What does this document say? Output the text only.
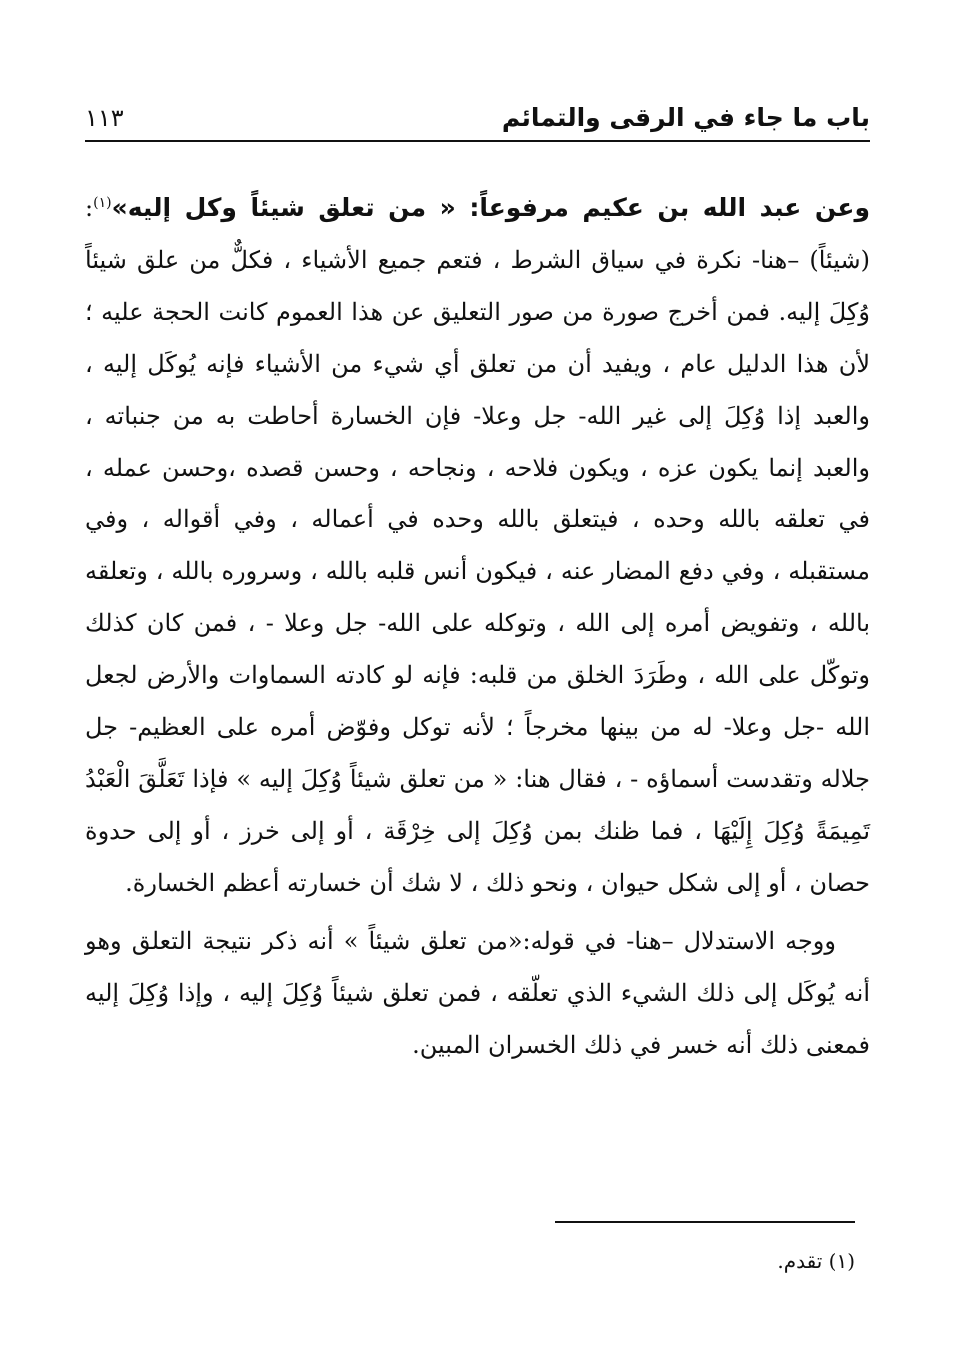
باب ما جاء في الرقى والتمائم
١١٣

وعن عبد الله بن عكيم مرفوعاً: « من تعلق شيئاً وكل إليه»$^{(١)}$:(شيئاً) –هنا- نكرة في سياق الشرط ، فتعم جميع الأشياء ، فكلٌّ من علق شيئاً وُكِلَ إليه. فمن أخرج صورة من صور التعليق عن هذا العموم كانت الحجة عليه ؛ لأن هذا الدليل عام ، ويفيد أن من تعلق أي شيء من الأشياء فإنه يُوكَل إليه ، والعبد إذا وُكِلَ إلى غير الله- جل وعلا- فإن الخسارة أحاطت به من جنباته ، والعبد إنما يكون عزه ، ويكون فلاحه ، ونجاحه ، وحسن قصده ،وحسن عمله ، في تعلقه بالله وحده ، فيتعلق بالله وحده في أعماله ، وفي أقواله ، وفي مستقبله ، وفي دفع المضار عنه ، فيكون أنس قلبه بالله ، وسروره بالله ، وتعلقه بالله ، وتفويض أمره إلى الله ، وتوكله على الله- جل وعلا - ، فمن كان كذلك وتوكّل على الله ، وطَرَدَ الخلق من قلبه: فإنه لو كادته السماوات والأرض لجعل الله -جل وعلا- له من بينها مخرجاً ؛ لأنه توكل وفوّض أمره على العظيم- جل جلاله وتقدست أسماؤه - ، فقال هنا: « من تعلق شيئاً وُكِلَ إليه » فإذا تَعَلَّقَ الْعَبْدُ تَمِيمَةً وُكِلَ إِلَيْهَا ، فما ظنك بمن وُكِلَ إلى خِرْقَة ، أو إلى خرز ، أو إلى حدوة حصان ، أو إلى شكل حيوان ، ونحو ذلك ، لا شك أن خسارته أعظم الخسارة.

ووجه الاستدلال –هنا- في قوله:«من تعلق شيئاً » أنه ذكر نتيجة التعلق وهو أنه يُوكَل إلى ذلك الشيء الذي تعلّقه ، فمن تعلق شيئاً وُكِلَ إليه ، وإذا وُكِلَ إليه فمعنى ذلك أنه خسر في ذلك الخسران المبين.

(١) تقدم.
